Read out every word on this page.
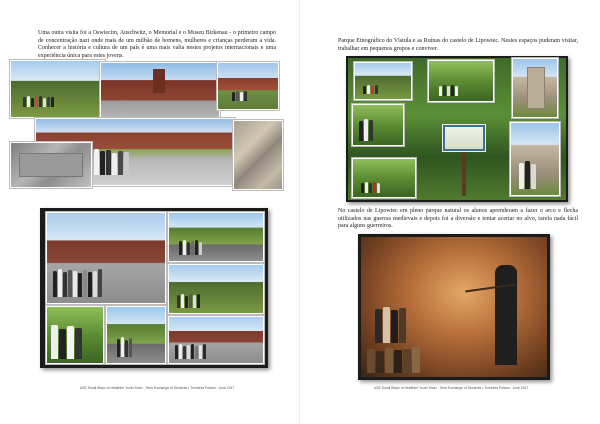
Uma outra visita foi a Oswiecim, Auschwitz, o Memorial e o Museu Birkenau - o primeiro campo de concentração nazi onde mais de um milhão de homens, mulheres e crianças perderam a vida. Conhecer a história e cultura de um país é uma mais valia nestes projetos internacionais e uma experiência única para estes jovens.
ASE Small Steps to Healthier Youth Short - Term Exchange of Students • Trzebinia Poland - June 2017
Parque Etnográfico do Vístula e as Ruínas do castelo de Lipowiec. Nestes espaços puderam visitar, trabalhar em pequenos grupos e conviver.
No castelo de Lipowiec em pleno parque natural os alunos aprenderam a fazer o arco e flecha utilizados nas guerras medievais e depois foi a diversão e tentar acertar no alvo, tarefa nada fácil para alguns guerreiros.
ASE Small Steps to Healthier Youth Short - Term Exchange of Students • Trzebinia Poland - June 2017
